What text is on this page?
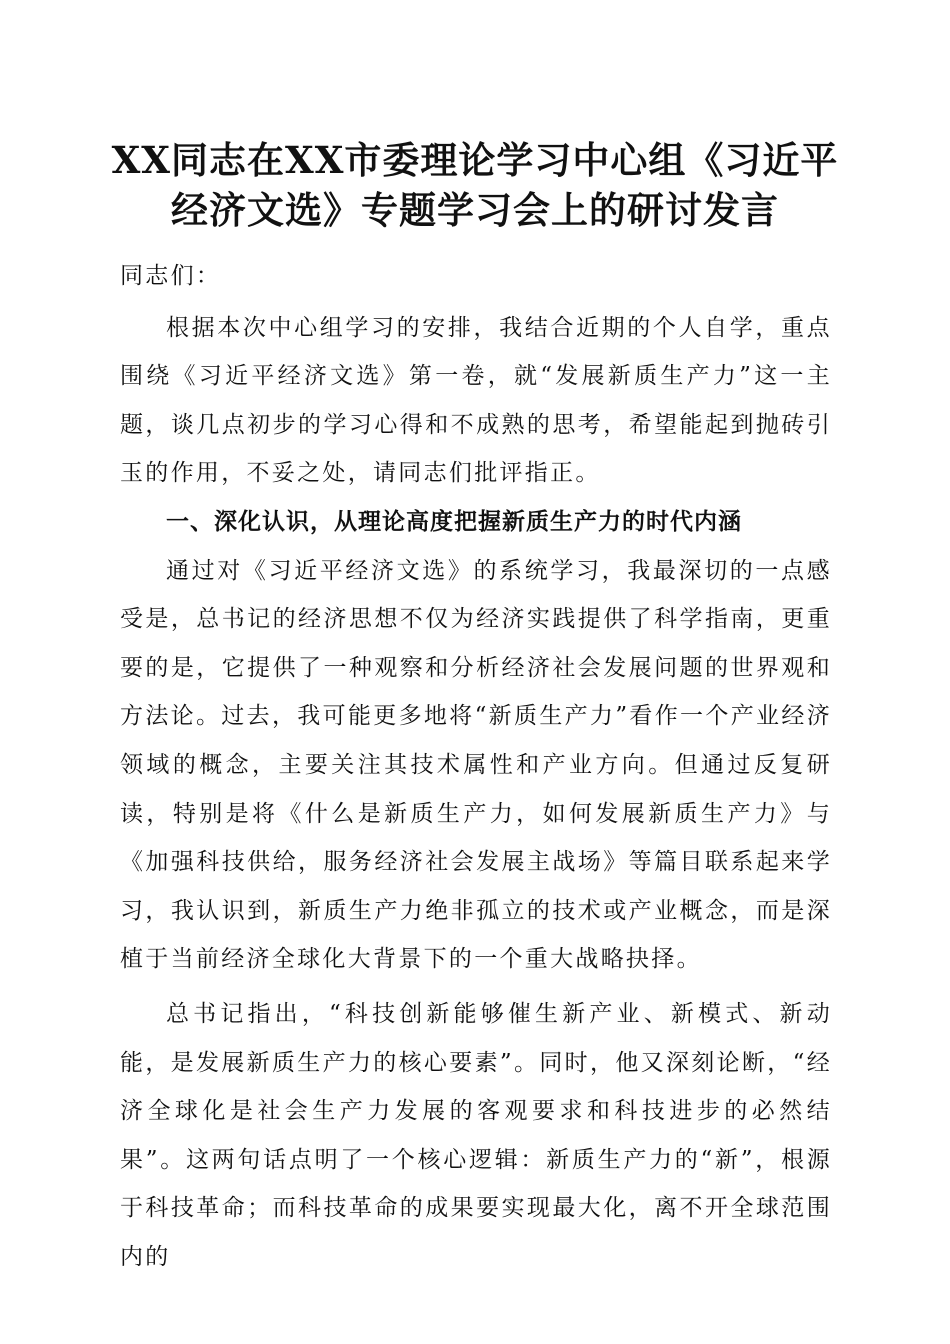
XX同志在XX市委理论学习中心组《习近平
经济文选》专题学习会上的研讨发言

同志们：

根据本次中心组学习的安排，我结合近期的个人自学，重点围绕《习近平经济文选》第一卷，就“发展新质生产力”这一主题，谈几点初步的学习心得和不成熟的思考，希望能起到抛砖引玉的作用，不妥之处，请同志们批评指正。

一、深化认识，从理论高度把握新质生产力的时代内涵

通过对《习近平经济文选》的系统学习，我最深切的一点感受是，总书记的经济思想不仅为经济实践提供了科学指南，更重要的是，它提供了一种观察和分析经济社会发展问题的世界观和方法论。过去，我可能更多地将“新质生产力”看作一个产业经济领域的概念，主要关注其技术属性和产业方向。但通过反复研读，特别是将《什么是新质生产力，如何发展新质生产力》与《加强科技供给，服务经济社会发展主战场》等篇目联系起来学习，我认识到，新质生产力绝非孤立的技术或产业概念，而是深植于当前经济全球化大背景下的一个重大战略抉择。

总书记指出，“科技创新能够催生新产业、新模式、新动能，是发展新质生产力的核心要素”。同时，他又深刻论断，“经济全球化是社会生产力发展的客观要求和科技进步的必然结果”。这两句话点明了一个核心逻辑：新质生产力的“新”，根源于科技革命；而科技革命的成果要实现最大化，离不开全球范围内的
